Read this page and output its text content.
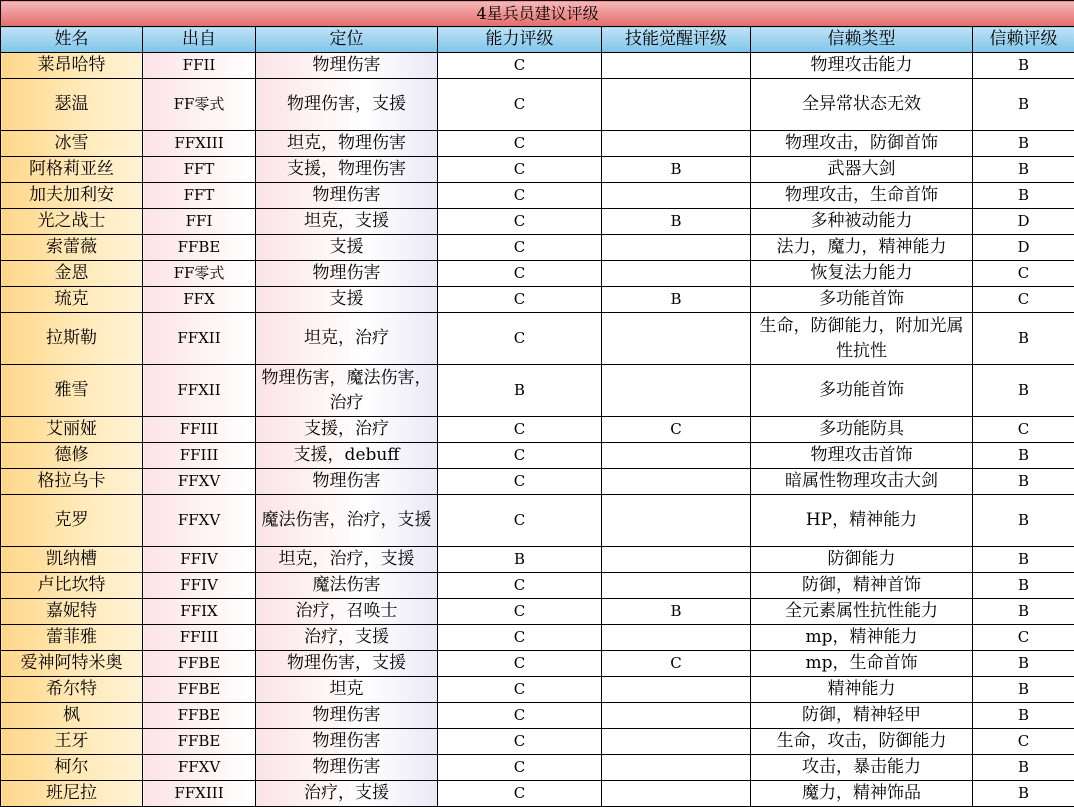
4星兵员建议评级						
姓名	出自	定位	能力评级	技能觉醒评级	信赖类型	信赖评级
莱昂哈特	FFII	物理伤害	C		物理攻击能力	B
瑟温	FF零式	物理伤害，支援	C		全异常状态无效	B
冰雪	FFXIII	坦克，物理伤害	C		物理攻击，防御首饰	B
阿格莉亚丝	FFT	支援，物理伤害	C	B	武器大剑	B
加夫加利安	FFT	物理伤害	C		物理攻击，生命首饰	B
光之战士	FFI	坦克，支援	C	B	多种被动能力	D
索蕾薇	FFBE	支援	C		法力，魔力，精神能力	D
金恩	FF零式	物理伤害	C		恢复法力能力	C
琉克	FFX	支援	C	B	多功能首饰	C
拉斯勒	FFXII	坦克，治疗	C		生命，防御能力，附加光属性抗性	B
雅雪	FFXII	物理伤害，魔法伤害，治疗	B		多功能首饰	B
艾丽娅	FFIII	支援，治疗	C	C	多功能防具	C
德修	FFIII	支援，debuff	C		物理攻击首饰	B
格拉乌卡	FFXV	物理伤害	C		暗属性物理攻击大剑	B
克罗	FFXV	魔法伤害，治疗，支援	C		HP，精神能力	B
凯纳槽	FFIV	坦克，治疗，支援	B		防御能力	B
卢比坎特	FFIV	魔法伤害	C		防御，精神首饰	B
嘉妮特	FFIX	治疗，召唤士	C	B	全元素属性抗性能力	B
蕾菲雅	FFIII	治疗，支援	C		mp，精神能力	C
爱神阿特米奥	FFBE	物理伤害，支援	C	C	mp，生命首饰	B
希尔特	FFBE	坦克	C		精神能力	B
枫	FFBE	物理伤害	C		防御，精神轻甲	B
王牙	FFBE	物理伤害	C		生命，攻击，防御能力	C
柯尔	FFXV	物理伤害	C		攻击，暴击能力	B
班尼拉	FFXIII	治疗，支援	C		魔力，精神饰品	B
